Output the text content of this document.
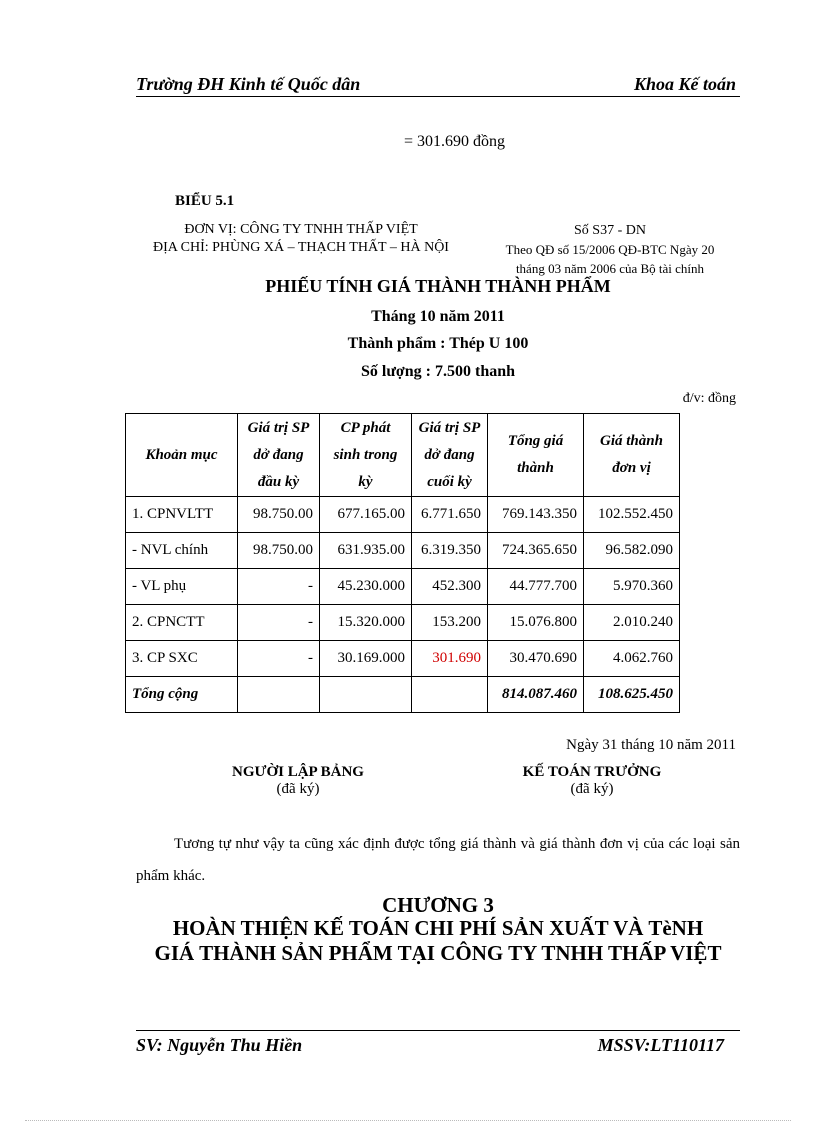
Trường ĐH Kinh tế Quốc dân	Khoa Kế toán
= 301.690 đồng
BIỂU 5.1
ĐƠN VỊ: CÔNG TY TNHH THẤP VIỆT
ĐỊA CHỈ: PHÙNG XÁ – THẠCH THẤT – HÀ NỘI
Số S37 - DN
Theo QĐ số 15/2006 QĐ-BTC Ngày 20
tháng 03 năm 2006 của Bộ tài chính
PHIẾU TÍNH GIÁ THÀNH THÀNH PHẨM
Tháng 10 năm 2011
Thành phẩm : Thép U 100
Số lượng : 7.500 thanh
đ/v: đồng
Khoản mục	Giá trị SP dở đang đầu kỳ	CP phát sinh trong kỳ	Giá trị SP dở đang cuối kỳ	Tổng giá thành	Giá thành đơn vị
1. CPNVLTT	98.750.00	677.165.00	6.771.650	769.143.350	102.552.450
- NVL chính	98.750.00	631.935.00	6.319.350	724.365.650	96.582.090
- VL phụ	-	45.230.000	452.300	44.777.700	5.970.360
2. CPNCTT	-	15.320.000	153.200	15.076.800	2.010.240
3. CP SXC	-	30.169.000	301.690	30.470.690	4.062.760
Tổng cộng				814.087.460	108.625.450
Ngày 31 tháng 10 năm 2011
NGƯỜI LẬP BẢNG
(đã ký)
KẾ TOÁN TRƯỞNG
(đã ký)
Tương tự như vậy ta cũng xác định được tổng giá thành và giá thành đơn vị của các loại sản phẩm khác.
CHƯƠNG 3
HOÀN THIỆN KẾ TOÁN CHI PHÍ SẢN XUẤT VÀ TèNH
GIÁ THÀNH SẢN PHẨM TẠI CÔNG TY TNHH THẤP VIỆT
SV: Nguyễn Thu Hiền	MSSV:LT110117
